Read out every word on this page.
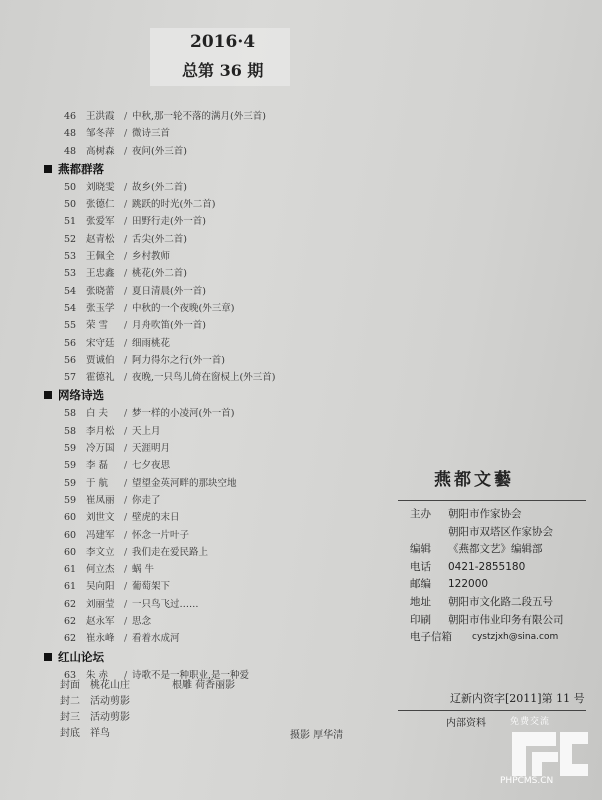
2016·4
总第 36 期
46	王洪霞 / 中秋,那一轮不落的满月(外三首)
48	邹冬萍 / 微诗三首
48	高树森 / 夜问(外三首)
燕都群落
50	刘晓雯 / 故乡(外二首)
50	张德仁 / 跳跃的时光(外二首)
51	张爱军 / 田野行走(外一首)
52	赵青松 / 舌尖(外二首)
53	王佩全 / 乡村教师
53	王忠鑫 / 桃花(外二首)
54	张晓蕾 / 夏日清晨(外一首)
54	张玉学 / 中秋的一个夜晚(外三章)
55	荣 雪 / 月舟吹笛(外一首)
56	宋守廷 / 细雨桃花
56	贾诚伯 / 阿力得尔之行(外一首)
57	霍德礼 / 夜晚,一只鸟儿倚在窗棂上(外三首)
网络诗选
58	白 夫 / 梦一样的小凌河(外一首)
58	李月松 / 天上月
59	冷万国 / 天涯明月
59	李 磊 / 七夕夜思
59	于 航 / 望望金英河畔的那块空地
59	崔凤丽 / 你走了
60	刘世文 / 壁虎的末日
60	冯建军 / 怀念一片叶子
60	李文立 / 我们走在爱民路上
61	何立杰 / 蜗 牛
61	吴向阳 / 葡萄架下
62	刘丽莹 / 一只鸟飞过……
62	赵永军 / 思念
62	崔永峰 / 看着水成河
红山论坛
63	朱 赤 / 诗歌不是一种职业,是一种爱
封面	桃花山庄	根雕 荷香丽影
封二	活动剪影
封三	活动剪影
封底	祥鸟	摄影 厚华清
燕都文藝
主办 朝阳市作家协会
朝阳市双塔区作家协会
编辑 《燕都文艺》编辑部
电话 0421-2855180
邮编 122000
地址 朝阳市文化路二段五号
印刷 朝阳市伟业印务有限公司
电子信箱 cystzjxh@sina.com
辽新内资字[2011]第 11 号
内部资料	免费交流
PHPCMS.CN
